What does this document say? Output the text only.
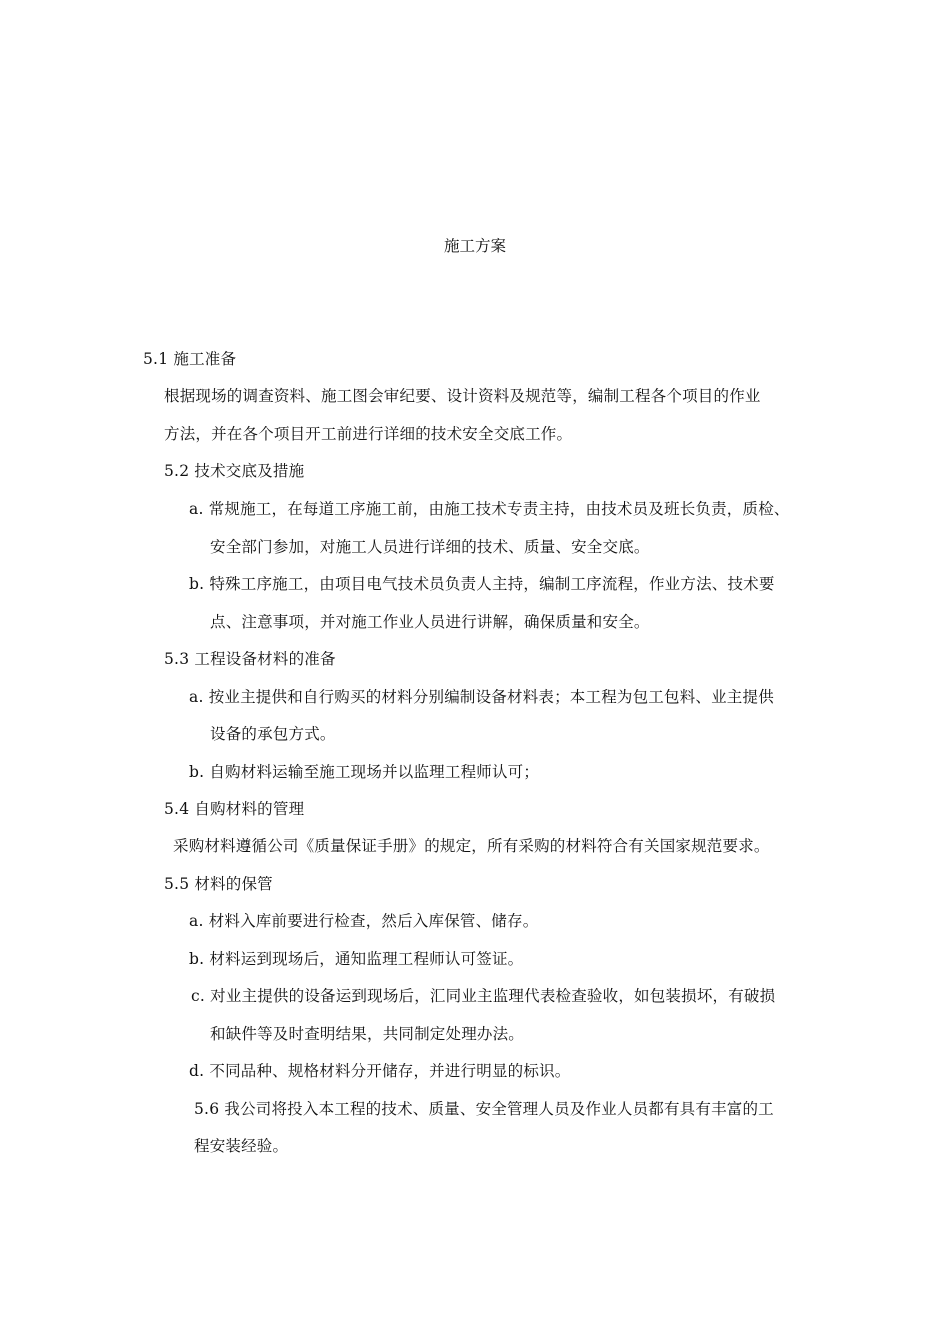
施工方案
5.1 施工准备
根据现场的调查资料、施工图会审纪要、设计资料及规范等，编制工程各个项目的作业
方法，并在各个项目开工前进行详细的技术安全交底工作。
5.2 技术交底及措施
a. 常规施工，在每道工序施工前，由施工技术专责主持，由技术员及班长负责，质检、
安全部门参加，对施工人员进行详细的技术、质量、安全交底。
b. 特殊工序施工，由项目电气技术员负责人主持，编制工序流程，作业方法、技术要
点、注意事项，并对施工作业人员进行讲解，确保质量和安全。
5.3 工程设备材料的准备
a. 按业主提供和自行购买的材料分别编制设备材料表；本工程为包工包料、业主提供
设备的承包方式。
b. 自购材料运输至施工现场并以监理工程师认可；
5.4 自购材料的管理
采购材料遵循公司《质量保证手册》的规定，所有采购的材料符合有关国家规范要求。
5.5 材料的保管
a. 材料入库前要进行检查，然后入库保管、储存。
b. 材料运到现场后，通知监理工程师认可签证。
c. 对业主提供的设备运到现场后，汇同业主监理代表检查验收，如包装损坏，有破损
和缺件等及时查明结果，共同制定处理办法。
d. 不同品种、规格材料分开储存，并进行明显的标识。
5.6 我公司将投入本工程的技术、质量、安全管理人员及作业人员都有具有丰富的工
程安装经验。
